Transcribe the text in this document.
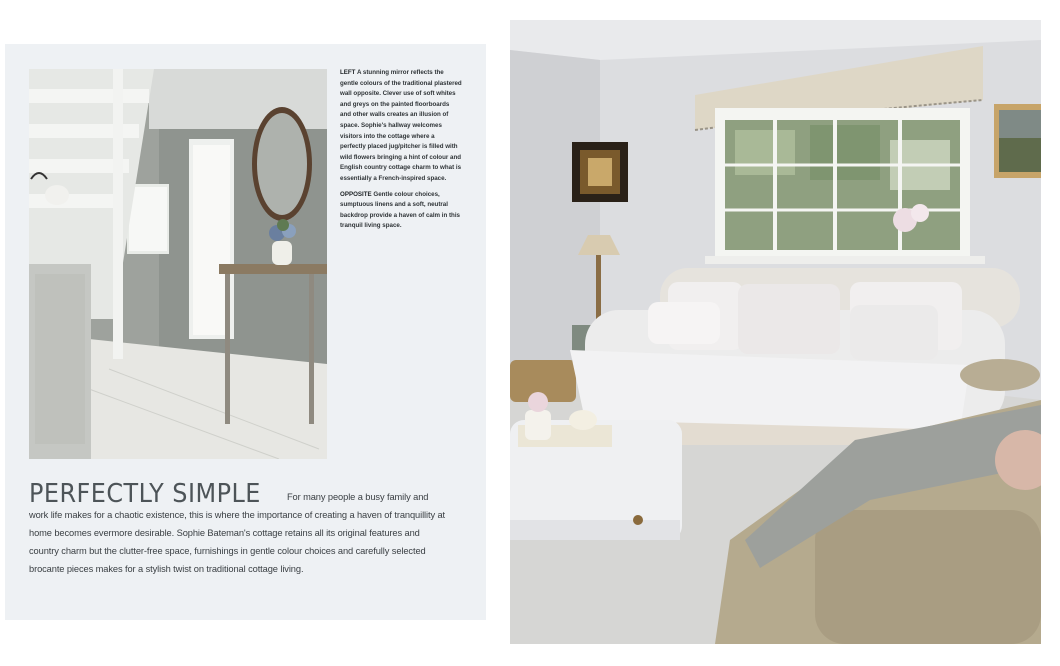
LEFT A stunning mirror reflects the gentle colours of the traditional plastered wall opposite. Clever use of soft whites and greys on the painted floorboards and other walls creates an illusion of space. Sophie's hallway welcomes visitors into the cottage where a perfectly placed jug/pitcher is filled with wild flowers bringing a hint of colour and English country cottage charm to what is essentially a French-inspired space.

OPPOSITE Gentle colour choices, sumptuous linens and a soft, neutral backdrop provide a haven of calm in this tranquil living space.

PERFECTLY SIMPLE	For many people a busy family and work life makes for a chaotic existence, this is where the importance of creating a haven of tranquillity at home becomes evermore desirable. Sophie Bateman's cottage retains all its original features and country charm but the clutter-free space, furnishings in gentle colour choices and carefully selected brocante pieces makes for a stylish twist on traditional cottage living.
